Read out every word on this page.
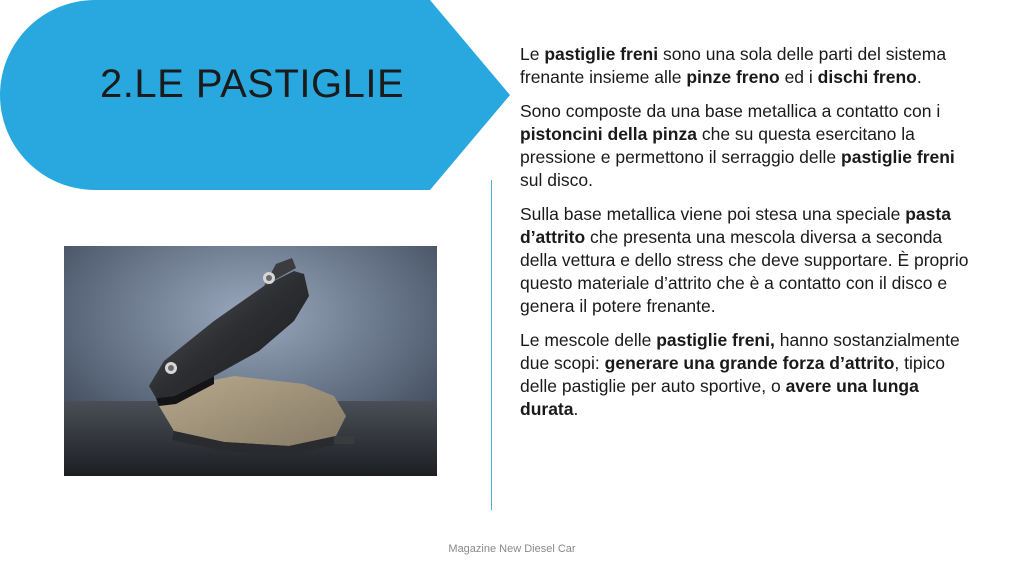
2.LE PASTIGLIE

Le pastiglie freni sono una sola delle parti del sistema frenante insieme alle pinze freno ed i dischi freno.

Sono composte da una base metallica a contatto con i pistoncini della pinza che su questa esercitano la pressione e permettono il serraggio delle pastiglie freni sul disco.

Sulla base metallica viene poi stesa una speciale pasta d’attrito che presenta una mescola diversa a seconda della vettura e dello stress che deve supportare. È proprio questo materiale d’attrito che è a contatto con il disco e genera il potere frenante.

Le mescole delle pastiglie freni, hanno sostanzialmente due scopi: generare una grande forza d’attrito, tipico delle pastiglie per auto sportive, o avere una lunga durata.

Magazine New Diesel Car
